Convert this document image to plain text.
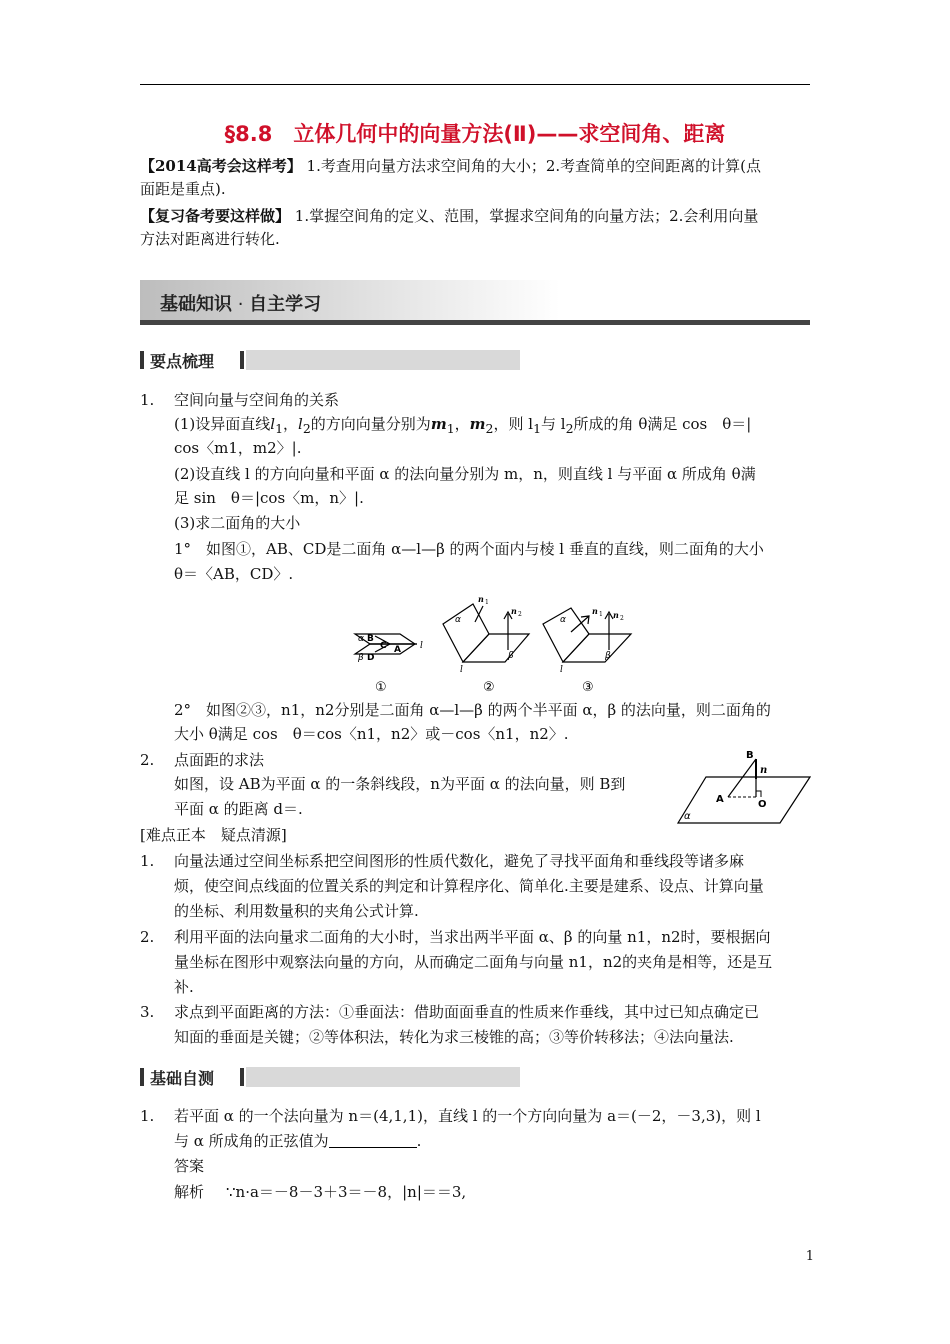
§8.8　立体几何中的向量方法(Ⅱ)——求空间角、距离
【2014高考会这样考】 1.考查用向量方法求空间角的大小；2.考查简单的空间距离的计算(点
面距是重点).
【复习备考要这样做】 1.掌握空间角的定义、范围，掌握求空间角的向量方法；2.会利用向量
方法对距离进行转化.
基础知识 · 自主学习
要点梳理
1. 空间向量与空间角的关系
(1)设异面直线$l_1$，$l_2$的方向向量分别为$m_1$，$m_2$，则 $l_1$与 $l_2$所成的角 θ满足 cos　θ＝|
cos〈m1，m2〉|.
(2)设直线 l 的方向向量和平面 α 的法向量分别为 m，n，则直线 l 与平面 α 所成角 θ满
足 sin　θ＝|cos〈m，n〉|.
(3)求二面角的大小
1°　如图①，AB、CD是二面角 α—l—β 的两个面内与棱 l 垂直的直线，则二面角的大小
θ＝〈AB，CD〉.
α B
C A
β D
l
n 1
n 2
α
β
l
n 1 n 2
α
β
l
①	②	③
2°　如图②③，n1，n2分别是二面角 α—l—β 的两个半平面 α，β 的法向量，则二面角的
大小 θ满足 cos　θ＝cos〈n1，n2〉或－cos〈n1，n2〉.
2. 点面距的求法
如图，设 AB为平面 α 的一条斜线段，n为平面 α 的法向量，则 B到
平面 α 的距离 d＝.
B
n
A	O
α
[难点正本　疑点清源]
1. 向量法通过空间坐标系把空间图形的性质代数化，避免了寻找平面角和垂线段等诸多麻
烦，使空间点线面的位置关系的判定和计算程序化、简单化.主要是建系、设点、计算向量
的坐标、利用数量积的夹角公式计算.
2. 利用平面的法向量求二面角的大小时，当求出两半平面 α、β 的向量 n1，n2时，要根据向
量坐标在图形中观察法向量的方向，从而确定二面角与向量 n1，n2的夹角是相等，还是互
补.
3. 求点到平面距离的方法：①垂面法：借助面面垂直的性质来作垂线，其中过已知点确定已
知面的垂面是关键；②等体积法，转化为求三棱锥的高；③等价转移法；④法向量法.
基础自测
1. 若平面 α 的一个法向量为 n＝(4,1,1)，直线 l 的一个方向向量为 a＝(－2，－3,3)，则 l
与 α 所成角的正弦值为	.
答案
解析 ∵n·a＝－8－3＋3＝－8，|n|＝＝3,
1
